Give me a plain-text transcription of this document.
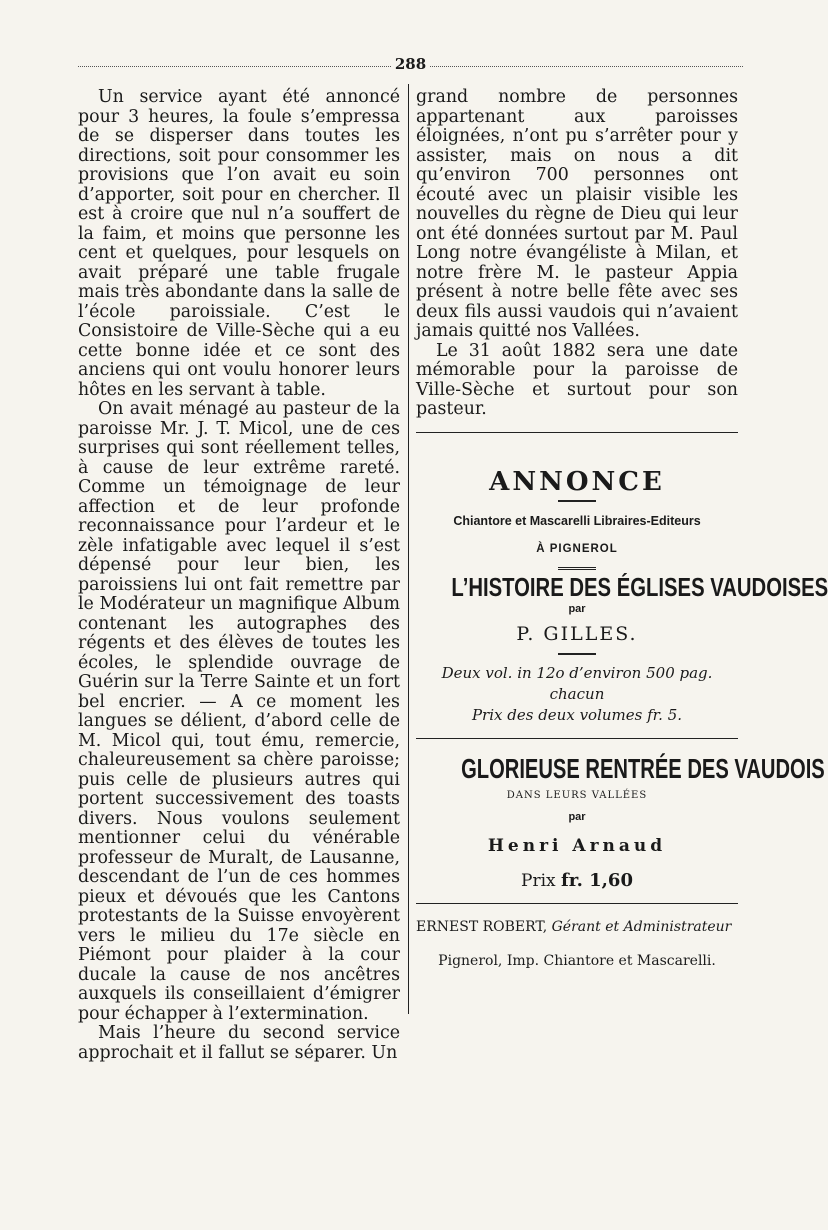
288

Un service ayant été annoncé pour 3 heures, la foule s’empressa de se disperser dans toutes les directions, soit pour consommer les provisions que l’on avait eu soin d’apporter, soit pour en chercher. Il est à croire que nul n’a souffert de la faim, et moins que personne les cent et quelques, pour lesquels on avait préparé une table frugale mais très abondante dans la salle de l’école paroissiale. C’est le Consistoire de Ville-Sèche qui a eu cette bonne idée et ce sont des anciens qui ont voulu honorer leurs hôtes en les servant à table.

On avait ménagé au pasteur de la paroisse Mr. J. T. Micol, une de ces surprises qui sont réellement telles, à cause de leur extrême rareté. Comme un témoignage de leur affection et de leur profonde reconnaissance pour l’ardeur et le zèle infatigable avec lequel il s’est dépensé pour leur bien, les paroissiens lui ont fait remettre par le Modérateur un magnifique Album contenant les autographes des régents et des élèves de toutes les écoles, le splendide ouvrage de Guérin sur la Terre Sainte et un fort bel encrier. — A ce moment les langues se délient, d’abord celle de M. Micol qui, tout ému, remercie, chaleureusement sa chère paroisse; puis celle de plusieurs autres qui portent successivement des toasts divers. Nous voulons seulement mentionner celui du vénérable professeur de Muralt, de Lausanne, descendant de l’un de ces hommes pieux et dévoués que les Cantons protestants de la Suisse envoyèrent vers le milieu du 17e siècle en Piémont pour plaider à la cour ducale la cause de nos ancêtres auxquels ils conseillaient d’émigrer pour échapper à l’extermination.

Mais l’heure du second service approchait et il fallut se séparer. Un

grand nombre de personnes appartenant aux paroisses éloignées, n’ont pu s’arrêter pour y assister, mais on nous a dit qu’environ 700 personnes ont écouté avec un plaisir visible les nouvelles du règne de Dieu qui leur ont été données surtout par M. Paul Long notre évangéliste à Milan, et notre frère M. le pasteur Appia présent à notre belle fête avec ses deux fils aussi vaudois qui n’avaient jamais quitté nos Vallées.

Le 31 août 1882 sera une date mémorable pour la paroisse de Ville-Sèche et surtout pour son pasteur.

ANNONCE
Chiantore et Mascarelli Libraires-Editeurs
À PIGNEROL
L’HISTOIRE DES ÉGLISES VAUDOISES
par
P. GILLES.
Deux vol. in 12o d’environ 500 pag. chacun
Prix des deux volumes fr. 5.
GLORIEUSE RENTRÉE DES VAUDOIS
DANS LEURS VALLÉES
par
Henri Arnaud
Prix fr. 1,60
ERNEST ROBERT, Gérant et Administrateur
Pignerol, Imp. Chiantore et Mascarelli.
